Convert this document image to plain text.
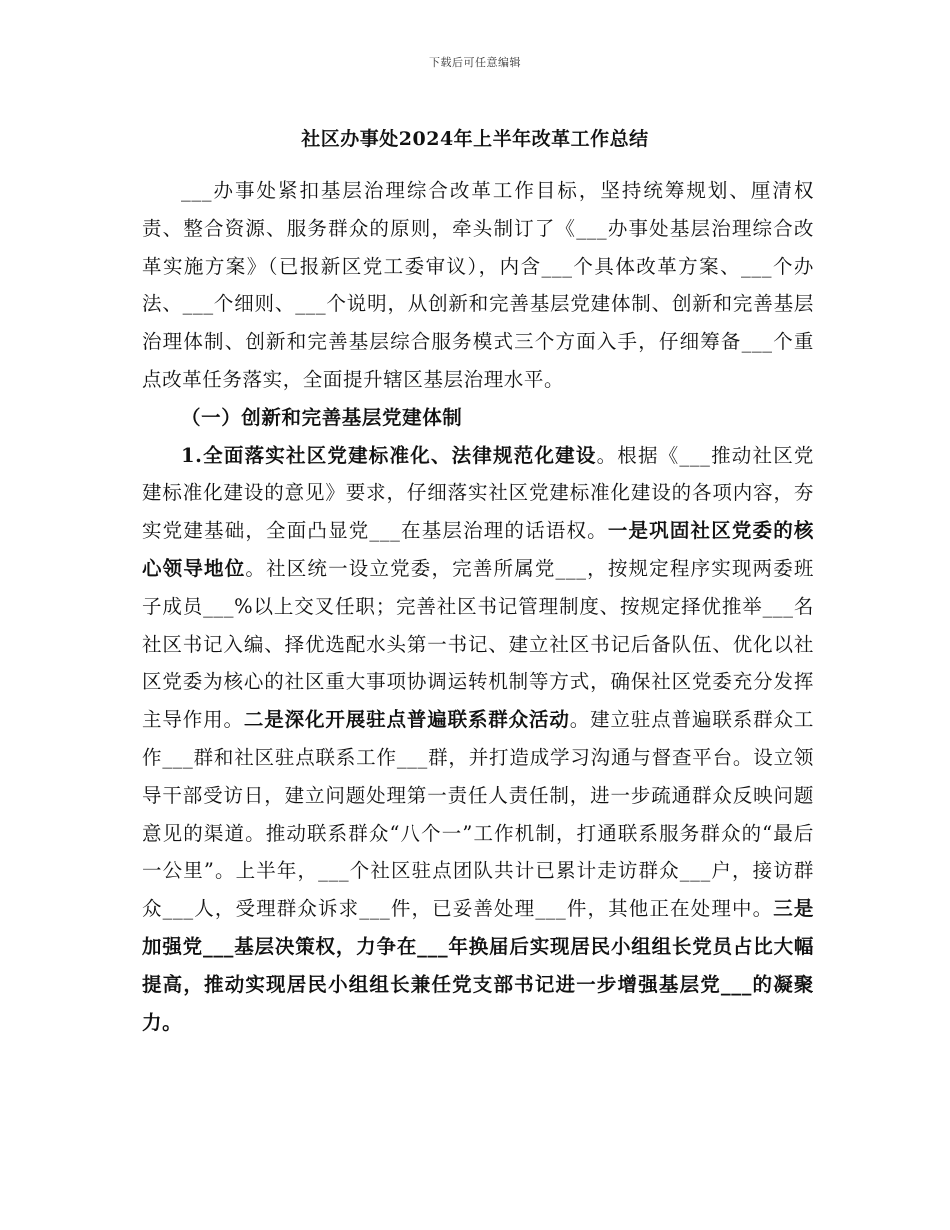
下载后可任意编辑
社区办事处2024年上半年改革工作总结

___办事处紧扣基层治理综合改革工作目标，坚持统筹规划、厘清权责、整合资源、服务群众的原则，牵头制订了《___办事处基层治理综合改革实施方案》（已报新区党工委审议），内含___个具体改革方案、___个办法、___个细则、___个说明，从创新和完善基层党建体制、创新和完善基层治理体制、创新和完善基层综合服务模式三个方面入手，仔细筹备___个重点改革任务落实，全面提升辖区基层治理水平。

（一）创新和完善基层党建体制

1.全面落实社区党建标准化、法律规范化建设。根据《___推动社区党建标准化建设的意见》要求，仔细落实社区党建标准化建设的各项内容，夯实党建基础，全面凸显党___在基层治理的话语权。一是巩固社区党委的核心领导地位。社区统一设立党委，完善所属党___，按规定程序实现两委班子成员___%以上交叉任职；完善社区书记管理制度、按规定择优推举___名社区书记入编、择优选配水头第一书记、建立社区书记后备队伍、优化以社区党委为核心的社区重大事项协调运转机制等方式，确保社区党委充分发挥主导作用。二是深化开展驻点普遍联系群众活动。建立驻点普遍联系群众工作___群和社区驻点联系工作___群，并打造成学习沟通与督查平台。设立领导干部受访日，建立问题处理第一责任人责任制，进一步疏通群众反映问题意见的渠道。推动联系群众“八个一”工作机制，打通联系服务群众的“最后一公里”。上半年，___个社区驻点团队共计已累计走访群众___户，接访群众___人，受理群众诉求___件，已妥善处理___件，其他正在处理中。三是加强党___基层决策权，力争在___年换届后实现居民小组组长党员占比大幅提高，推动实现居民小组组长兼任党支部书记进一步增强基层党___的凝聚力。
